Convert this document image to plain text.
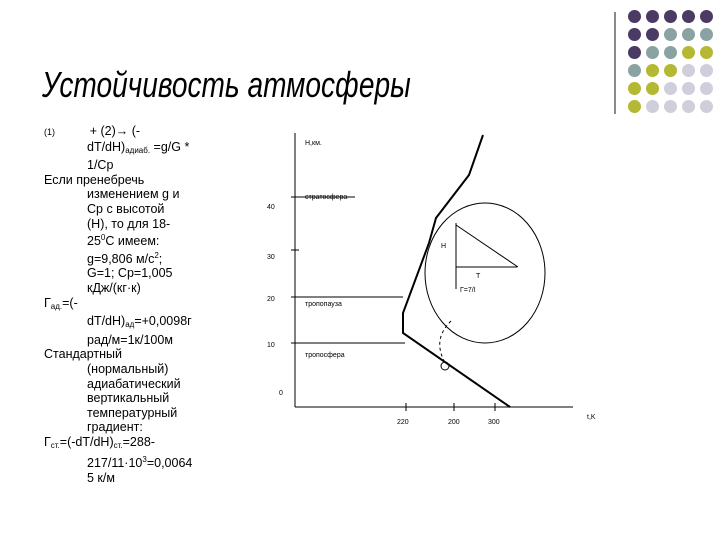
Устойчивость атмосферы
(1)	+ (2)→ (-
$dT/dH)_{адиаб.} =g/G$ *
1/Cp
Если пренебречь
изменением g и
Cp с высотой
(H), то для 18-
$25^0C$ имеем:
g=9,806 $м/с^2$;
G=1; Cp=1,005
кДж/(кг·к)
$Г_{ад.}=(-$
$dT/dH)_{ад}=+0,0098г$
рад/м=1к/100м
Стандартный
(нормальный)
адиабатический
вертикальный
температурный
градиент:
$Г_{ст.}=(-dT/dH)_{ст.}=288-$
$217/11\cdot 10^3=0,0064$
5 к/м
H,км.
t,K
40
30
20
10
0
220	200	300
стратосфера
тропопауза
тропосфера
H
T
Г=7/I
